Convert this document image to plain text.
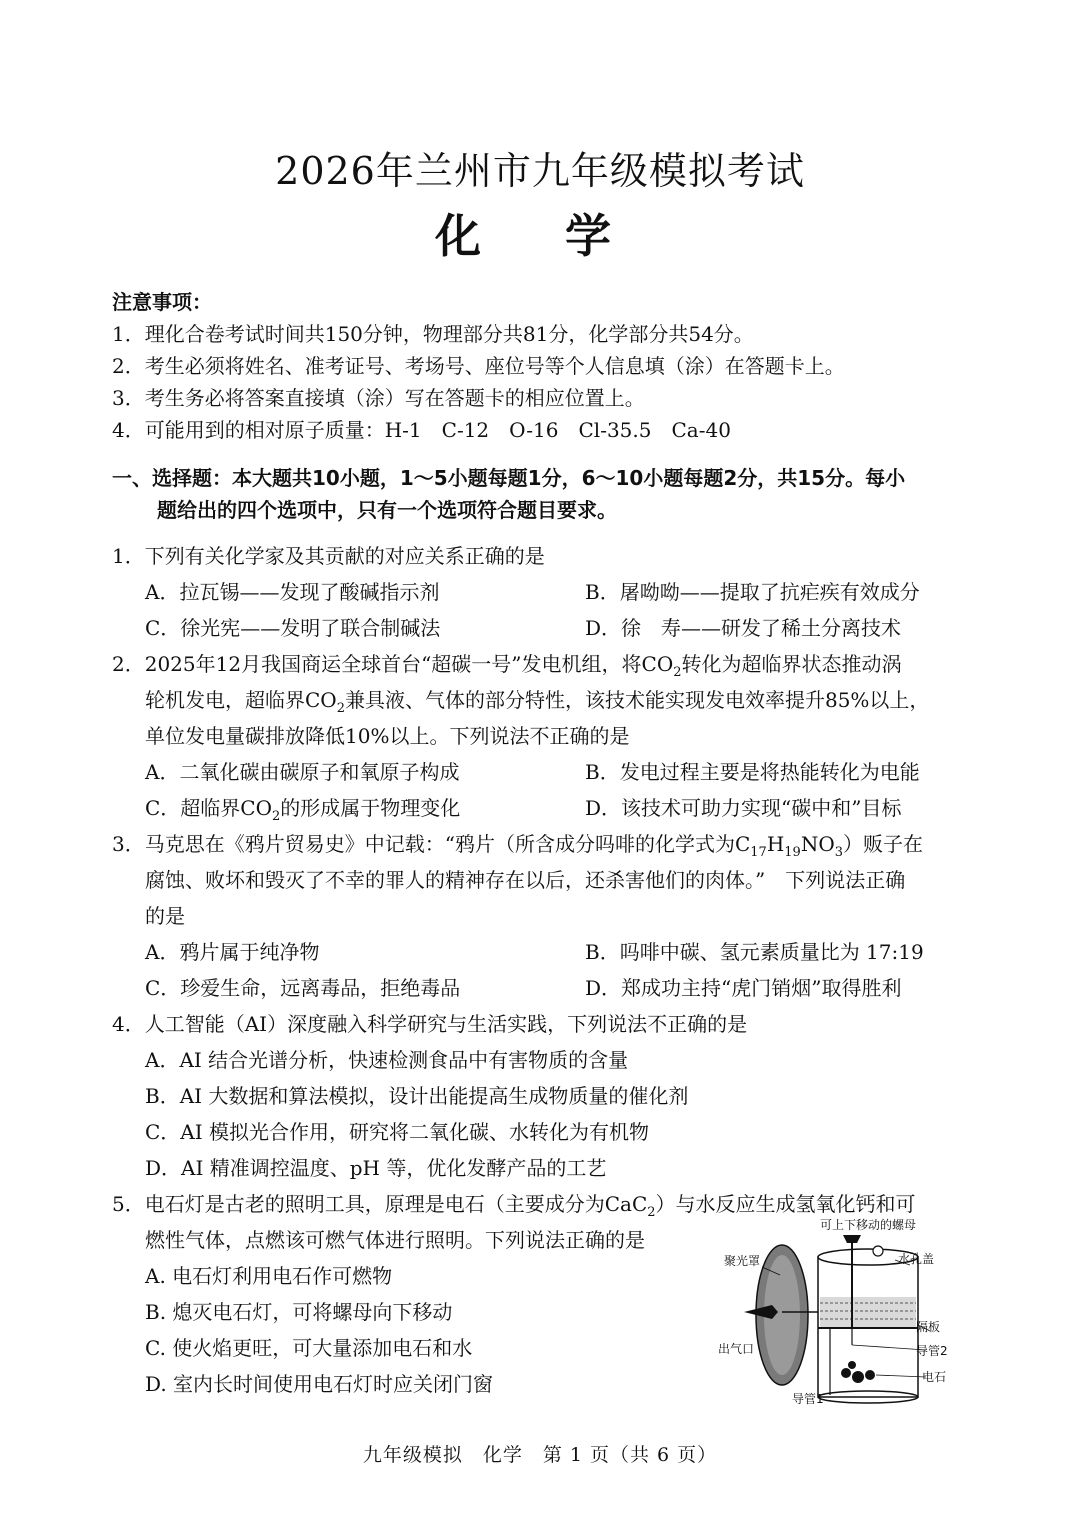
2026年兰州市九年级模拟考试
化 学
注意事项：
1．理化合卷考试时间共150分钟，物理部分共81分，化学部分共54分。
2．考生必须将姓名、准考证号、考场号、座位号等个人信息填（涂）在答题卡上。
3．考生务必将答案直接填（涂）写在答题卡的相应位置上。
4．可能用到的相对原子质量：H-1　C-12　O-16　Cl-35.5　Ca-40
一、选择题：本大题共10小题，1～5小题每题1分，6～10小题每题2分，共15分。每小
题给出的四个选项中，只有一个选项符合题目要求。
1．下列有关化学家及其贡献的对应关系正确的是
A．拉瓦锡——发现了酸碱指示剂	B．屠呦呦——提取了抗疟疾有效成分
C．徐光宪——发明了联合制碱法	D．徐　寿——研发了稀土分离技术
2．2025年12月我国商运全球首台“超碳一号”发电机组，将$CO_2$转化为超临界状态推动涡
轮机发电，超临界$CO_2$兼具液、气体的部分特性，该技术能实现发电效率提升85%以上，
单位发电量碳排放降低10%以上。下列说法不正确的是
A．二氧化碳由碳原子和氧原子构成	B．发电过程主要是将热能转化为电能
C．超临界$CO_2$的形成属于物理变化	D．该技术可助力实现“碳中和”目标
3．马克思在《鸦片贸易史》中记载：“鸦片（所含成分吗啡的化学式为$C_{17}H_{19}NO_3$）贩子在
腐蚀、败坏和毁灭了不幸的罪人的精神存在以后，还杀害他们的肉体。”　下列说法正确
的是
A．鸦片属于纯净物	B．吗啡中碳、氢元素质量比为 17:19
C．珍爱生命，远离毒品，拒绝毒品	D．郑成功主持“虎门销烟”取得胜利
4．人工智能（AI）深度融入科学研究与生活实践，下列说法不正确的是
A．AI 结合光谱分析，快速检测食品中有害物质的含量
B．AI 大数据和算法模拟，设计出能提高生成物质量的催化剂
C．AI 模拟光合作用，研究将二氧化碳、水转化为有机物
D．AI 精准调控温度、pH 等，优化发酵产品的工艺
5．电石灯是古老的照明工具，原理是电石（主要成分为CaC$_2$）与水反应生成氢氧化钙和可
燃性气体，点燃该可燃气体进行照明。下列说法正确的是
A. 电石灯利用电石作可燃物
B. 熄灭电石灯，可将螺母向下移动
C. 使火焰更旺，可大量添加电石和水
D. 室内长时间使用电石灯时应关闭门窗
可上下移动的螺母
聚光罩	水孔盖
出气口
隔板
导管2
电石
导管1
九年级模拟　化学　第 1 页（共 6 页）
